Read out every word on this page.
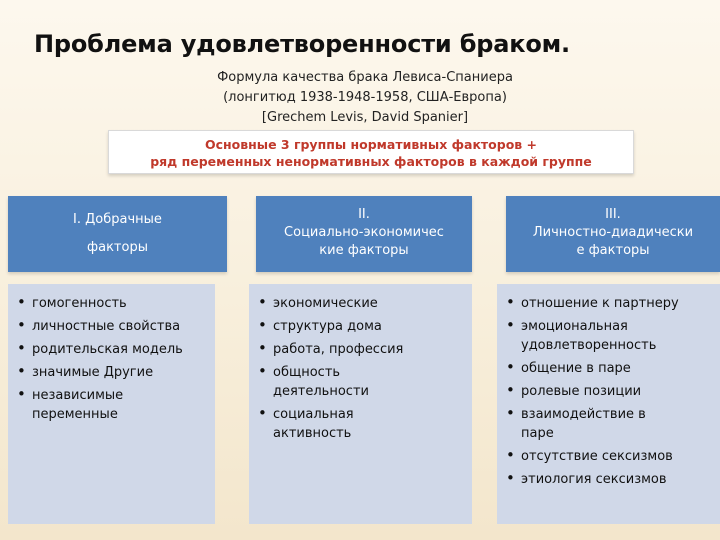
Проблема удовлетворенности браком.
Формула качества брака Левиса-Спаниера
(лонгитюд 1938-1948-1958, США-Европа)
[Grechem Levis, David Spanier]
Основные 3 группы нормативных факторов +
ряд переменных ненормативных факторов в каждой группе
I. Добрачные
факторы
• гомогенность
• личностные свойства
• родительская модель
• значимые Другие
• независимые переменные
II.
Социально-экономичес
кие факторы
• экономические
• структура дома
• работа, профессия
• общность деятельности
• социальная активность
III.
Личностно-диадически
е факторы
• отношение к партнеру
• эмоциональная удовлетворенность
• общение в паре
• ролевые позиции
• взаимодействие в паре
• отсутствие сексизмов
• этиология сексизмов
